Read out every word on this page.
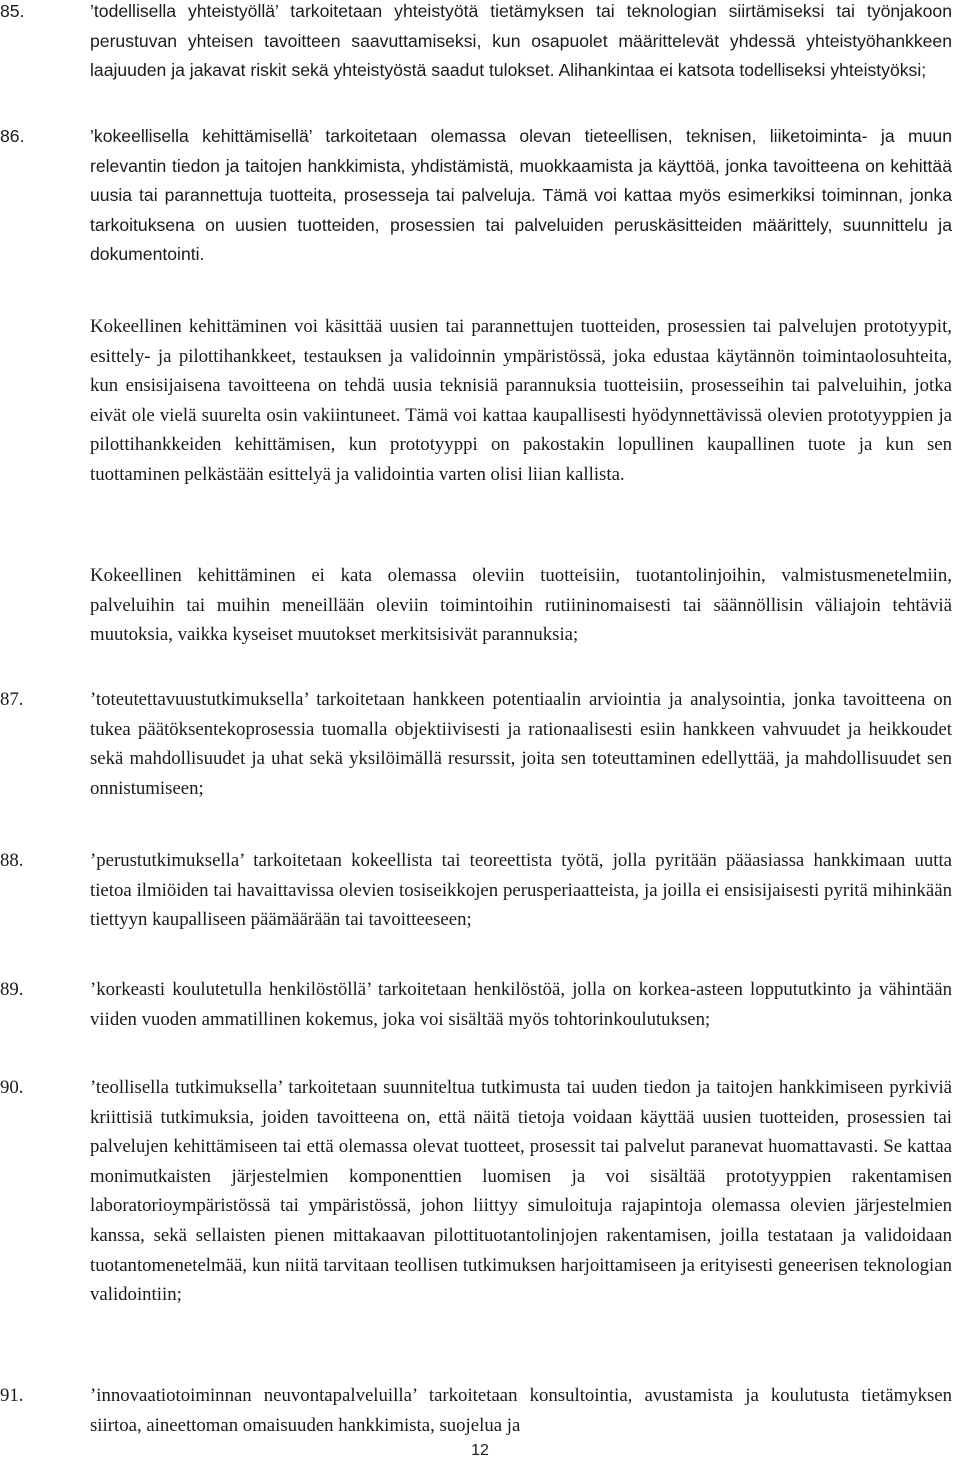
85.	’todellisella yhteistyöllä’ tarkoitetaan yhteistyötä tietämyksen tai teknologian siirtämiseksi tai työnjakoon perustuvan yhteisen tavoitteen saavuttamiseksi, kun osapuolet määrittelevät yhdessä yhteistyöhankkeen laajuuden ja jakavat riskit sekä yhteistyöstä saadut tulokset. Alihankintaa ei katsota todelliseksi yhteistyöksi;

86.	’kokeellisella kehittämisellä’ tarkoitetaan olemassa olevan tieteellisen, teknisen, liiketoiminta- ja muun relevantin tiedon ja taitojen hankkimista, yhdistämistä, muokkaamista ja käyttöä, jonka tavoitteena on kehittää uusia tai parannettuja tuotteita, prosesseja tai palveluja. Tämä voi kattaa myös esimerkiksi toiminnan, jonka tarkoituksena on uusien tuotteiden, prosessien tai palveluiden peruskäsitteiden määrittely, suunnittelu ja dokumentointi.

Kokeellinen kehittäminen voi käsittää uusien tai parannettujen tuotteiden, prosessien tai palvelujen prototyypit, esittely- ja pilottihankkeet, testauksen ja validoinnin ympäristössä, joka edustaa käytännön toimintaolosuhteita, kun ensisijaisena tavoitteena on tehdä uusia teknisiä parannuksia tuotteisiin, prosesseihin tai palveluihin, jotka eivät ole vielä suurelta osin vakiintuneet. Tämä voi kattaa kaupallisesti hyödynnettävissä olevien prototyyppien ja pilottihankkeiden kehittämisen, kun prototyyppi on pakostakin lopullinen kaupallinen tuote ja kun sen tuottaminen pelkästään esittelyä ja validointia varten olisi liian kallista.

Kokeellinen kehittäminen ei kata olemassa oleviin tuotteisiin, tuotantolinjoihin, valmistusmenetelmiin, palveluihin tai muihin meneillään oleviin toimintoihin rutiininomaisesti tai säännöllisin väliajoin tehtäviä muutoksia, vaikka kyseiset muutokset merkitsisivät parannuksia;

87.	’toteutettavuustutkimuksella’ tarkoitetaan hankkeen potentiaalin arviointia ja analysointia, jonka tavoitteena on tukea päätöksentekoprosessia tuomalla objektiivisesti ja rationaalisesti esiin hankkeen vahvuudet ja heikkoudet sekä mahdollisuudet ja uhat sekä yksilöimällä resurssit, joita sen toteuttaminen edellyttää, ja mahdollisuudet sen onnistumiseen;

88.	’perustutkimuksella’ tarkoitetaan kokeellista tai teoreettista työtä, jolla pyritään pääasiassa hankkimaan uutta tietoa ilmiöiden tai havaittavissa olevien tosiseikkojen perusperiaatteista, ja joilla ei ensisijaisesti pyritä mihinkään tiettyyn kaupalliseen päämäärään tai tavoitteeseen;

89.	’korkeasti koulutetulla henkilöstöllä’ tarkoitetaan henkilöstöä, jolla on korkea-asteen loppututkinto ja vähintään viiden vuoden ammatillinen kokemus, joka voi sisältää myös tohtorinkoulutuksen;

90.	’teollisella tutkimuksella’ tarkoitetaan suunniteltua tutkimusta tai uuden tiedon ja taitojen hankkimiseen pyrkiviä kriittisiä tutkimuksia, joiden tavoitteena on, että näitä tietoja voidaan käyttää uusien tuotteiden, prosessien tai palvelujen kehittämiseen tai että olemassa olevat tuotteet, prosessit tai palvelut paranevat huomattavasti. Se kattaa monimutkaisten järjestelmien komponenttien luomisen ja voi sisältää prototyyppien rakentamisen laboratorioympäristössä tai ympäristössä, johon liittyy simuloituja rajapintoja olemassa olevien järjestelmien kanssa, sekä sellaisten pienen mittakaavan pilottituotantolinjojen rakentamisen, joilla testataan ja validoidaan tuotantomenetelmää, kun niitä tarvitaan teollisen tutkimuksen harjoittamiseen ja erityisesti geneerisen teknologian validointiin;

91.	’innovaatiotoiminnan neuvontapalveluilla’ tarkoitetaan konsultointia, avustamista ja koulutusta tietämyksen siirtoa, aineettoman omaisuuden hankkimista, suojelua ja

12
